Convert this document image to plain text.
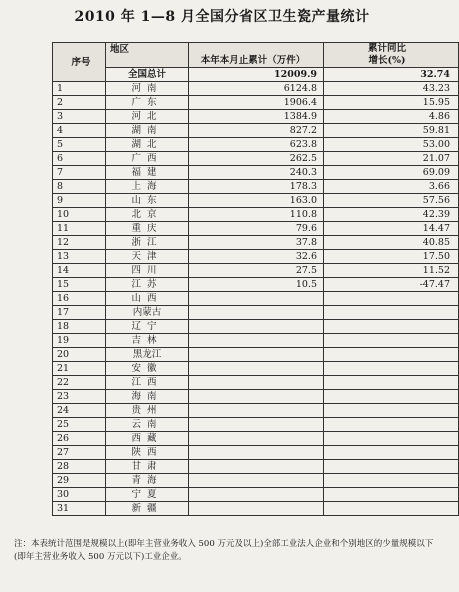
2010 年 1—8 月全国分省区卫生瓷产量统计
序号	地区	本年本月止累计（万件）	累计同比
增长(%)
	全国总计	12009.9	32.74
1	河南	6124.8	43.23
2	广东	1906.4	15.95
3	河北	1384.9	4.86
4	湖南	827.2	59.81
5	湖北	623.8	53.00
6	广西	262.5	21.07
7	福建	240.3	69.09
8	上海	178.3	3.66
9	山东	163.0	57.56
10	北京	110.8	42.39
11	重庆	79.6	14.47
12	浙江	37.8	40.85
13	天津	32.6	17.50
14	四川	27.5	11.52
15	江苏	10.5	-47.47
16	山西		
17	内蒙古		
18	辽宁		
19	吉林		
20	黑龙江		
21	安徽		
22	江西		
23	海南		
24	贵州		
25	云南		
26	西藏		
27	陕西		
28	甘肃		
29	青海		
30	宁夏		
31	新疆		
注：本表统计范围是规模以上(即年主营业务收入 500 万元及以上)全部工业法人企业和个别地区的少量规模以下(即年主营业务收入 500 万元以下)工业企业。
